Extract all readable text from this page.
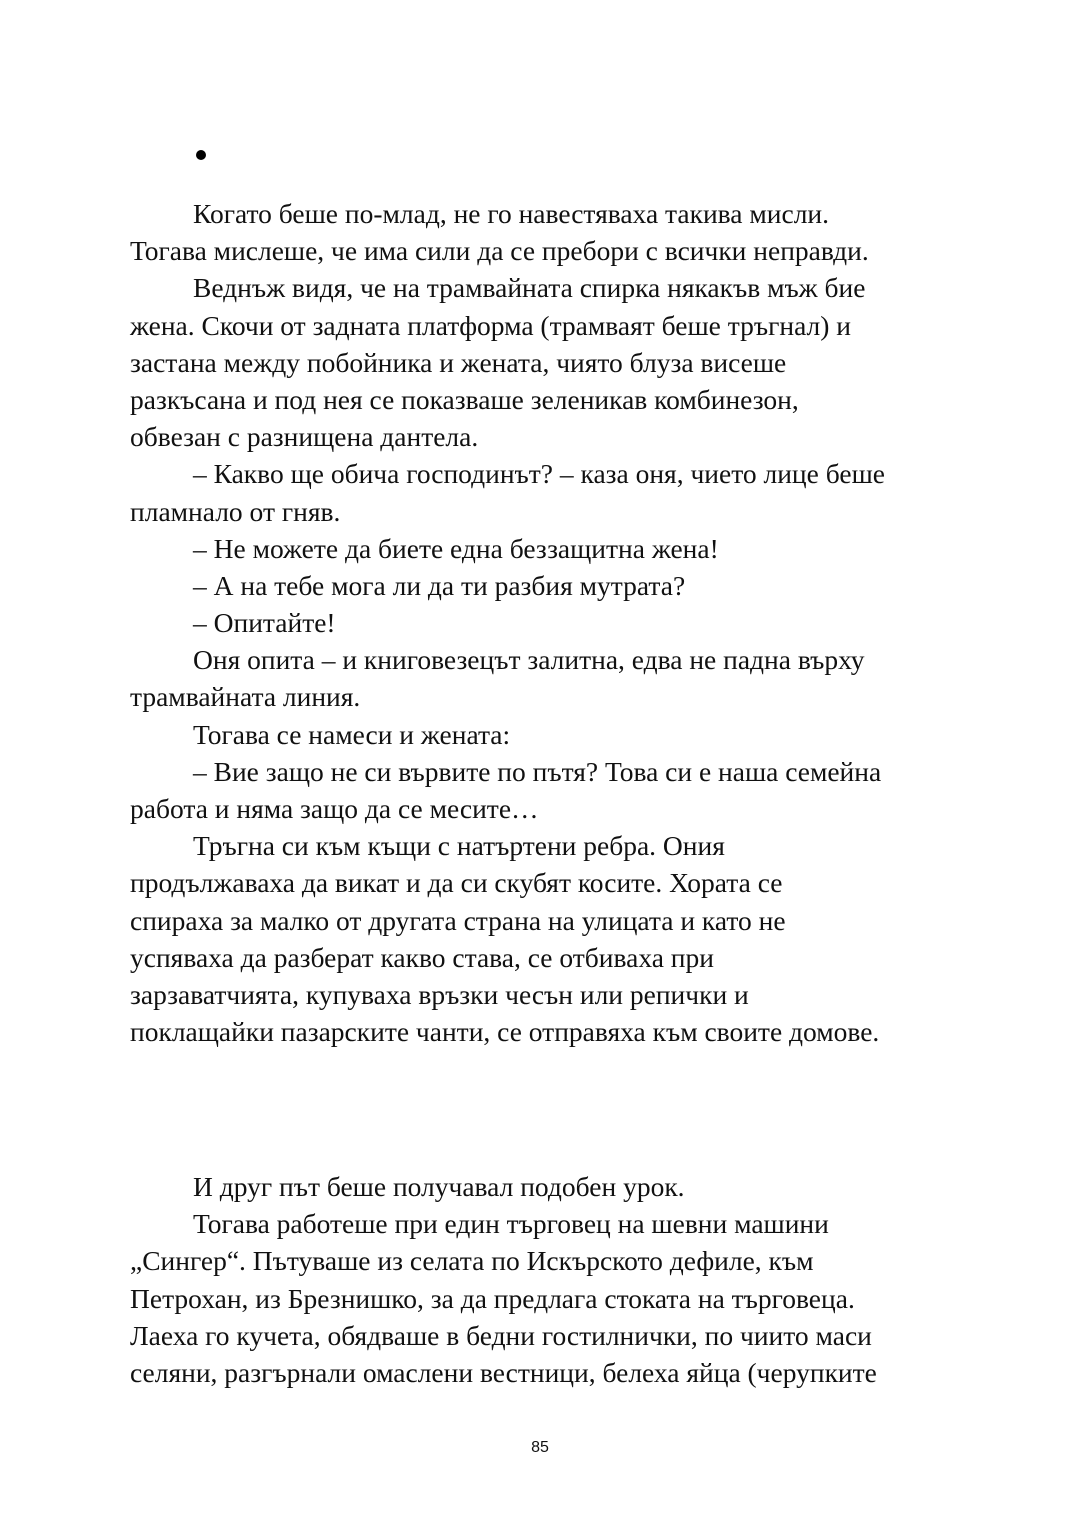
Когато беше по-млад, не го навестяваха такива мисли.
Тогава мислеше, че има сили да се пребори с всички неправди.
Веднъж видя, че на трамвайната спирка някакъв мъж бие
жена. Скочи от задната платформа (трамваят беше тръгнал) и
застана между побойника и жената, чиято блуза висеше
разкъсана и под нея се показваше зеленикав комбинезон,
обвезан с разнищена дантела.
– Какво ще обича господинът? – каза оня, чието лице беше
пламнало от гняв.
– Не можете да биете една беззащитна жена!
– А на тебе мога ли да ти разбия мутрата?
– Опитайте!
Оня опита – и книговезецът залитна, едва не падна върху
трамвайната линия.
Тогава се намеси и жената:
– Вие защо не си вървите по пътя? Това си е наша семейна
работа и няма защо да се месите…
Тръгна си към къщи с натъртени ребра. Ония
продължаваха да викат и да си скубят косите. Хората се
спираха за малко от другата страна на улицата и като не
успяваха да разберат какво става, се отбиваха при
зарзаватчията, купуваха връзки чесън или репички и
поклащайки пазарските чанти, се отправяха към своите домове.
И друг път беше получавал подобен урок.
Тогава работеше при един търговец на шевни машини
„Сингер“. Пътуваше из селата по Искърското дефиле, към
Петрохан, из Брезнишко, за да предлага стоката на търговеца.
Лаеха го кучета, обядваше в бедни гостилнички, по чиито маси
селяни, разгърнали омаслени вестници, белеха яйца (черупките
85
